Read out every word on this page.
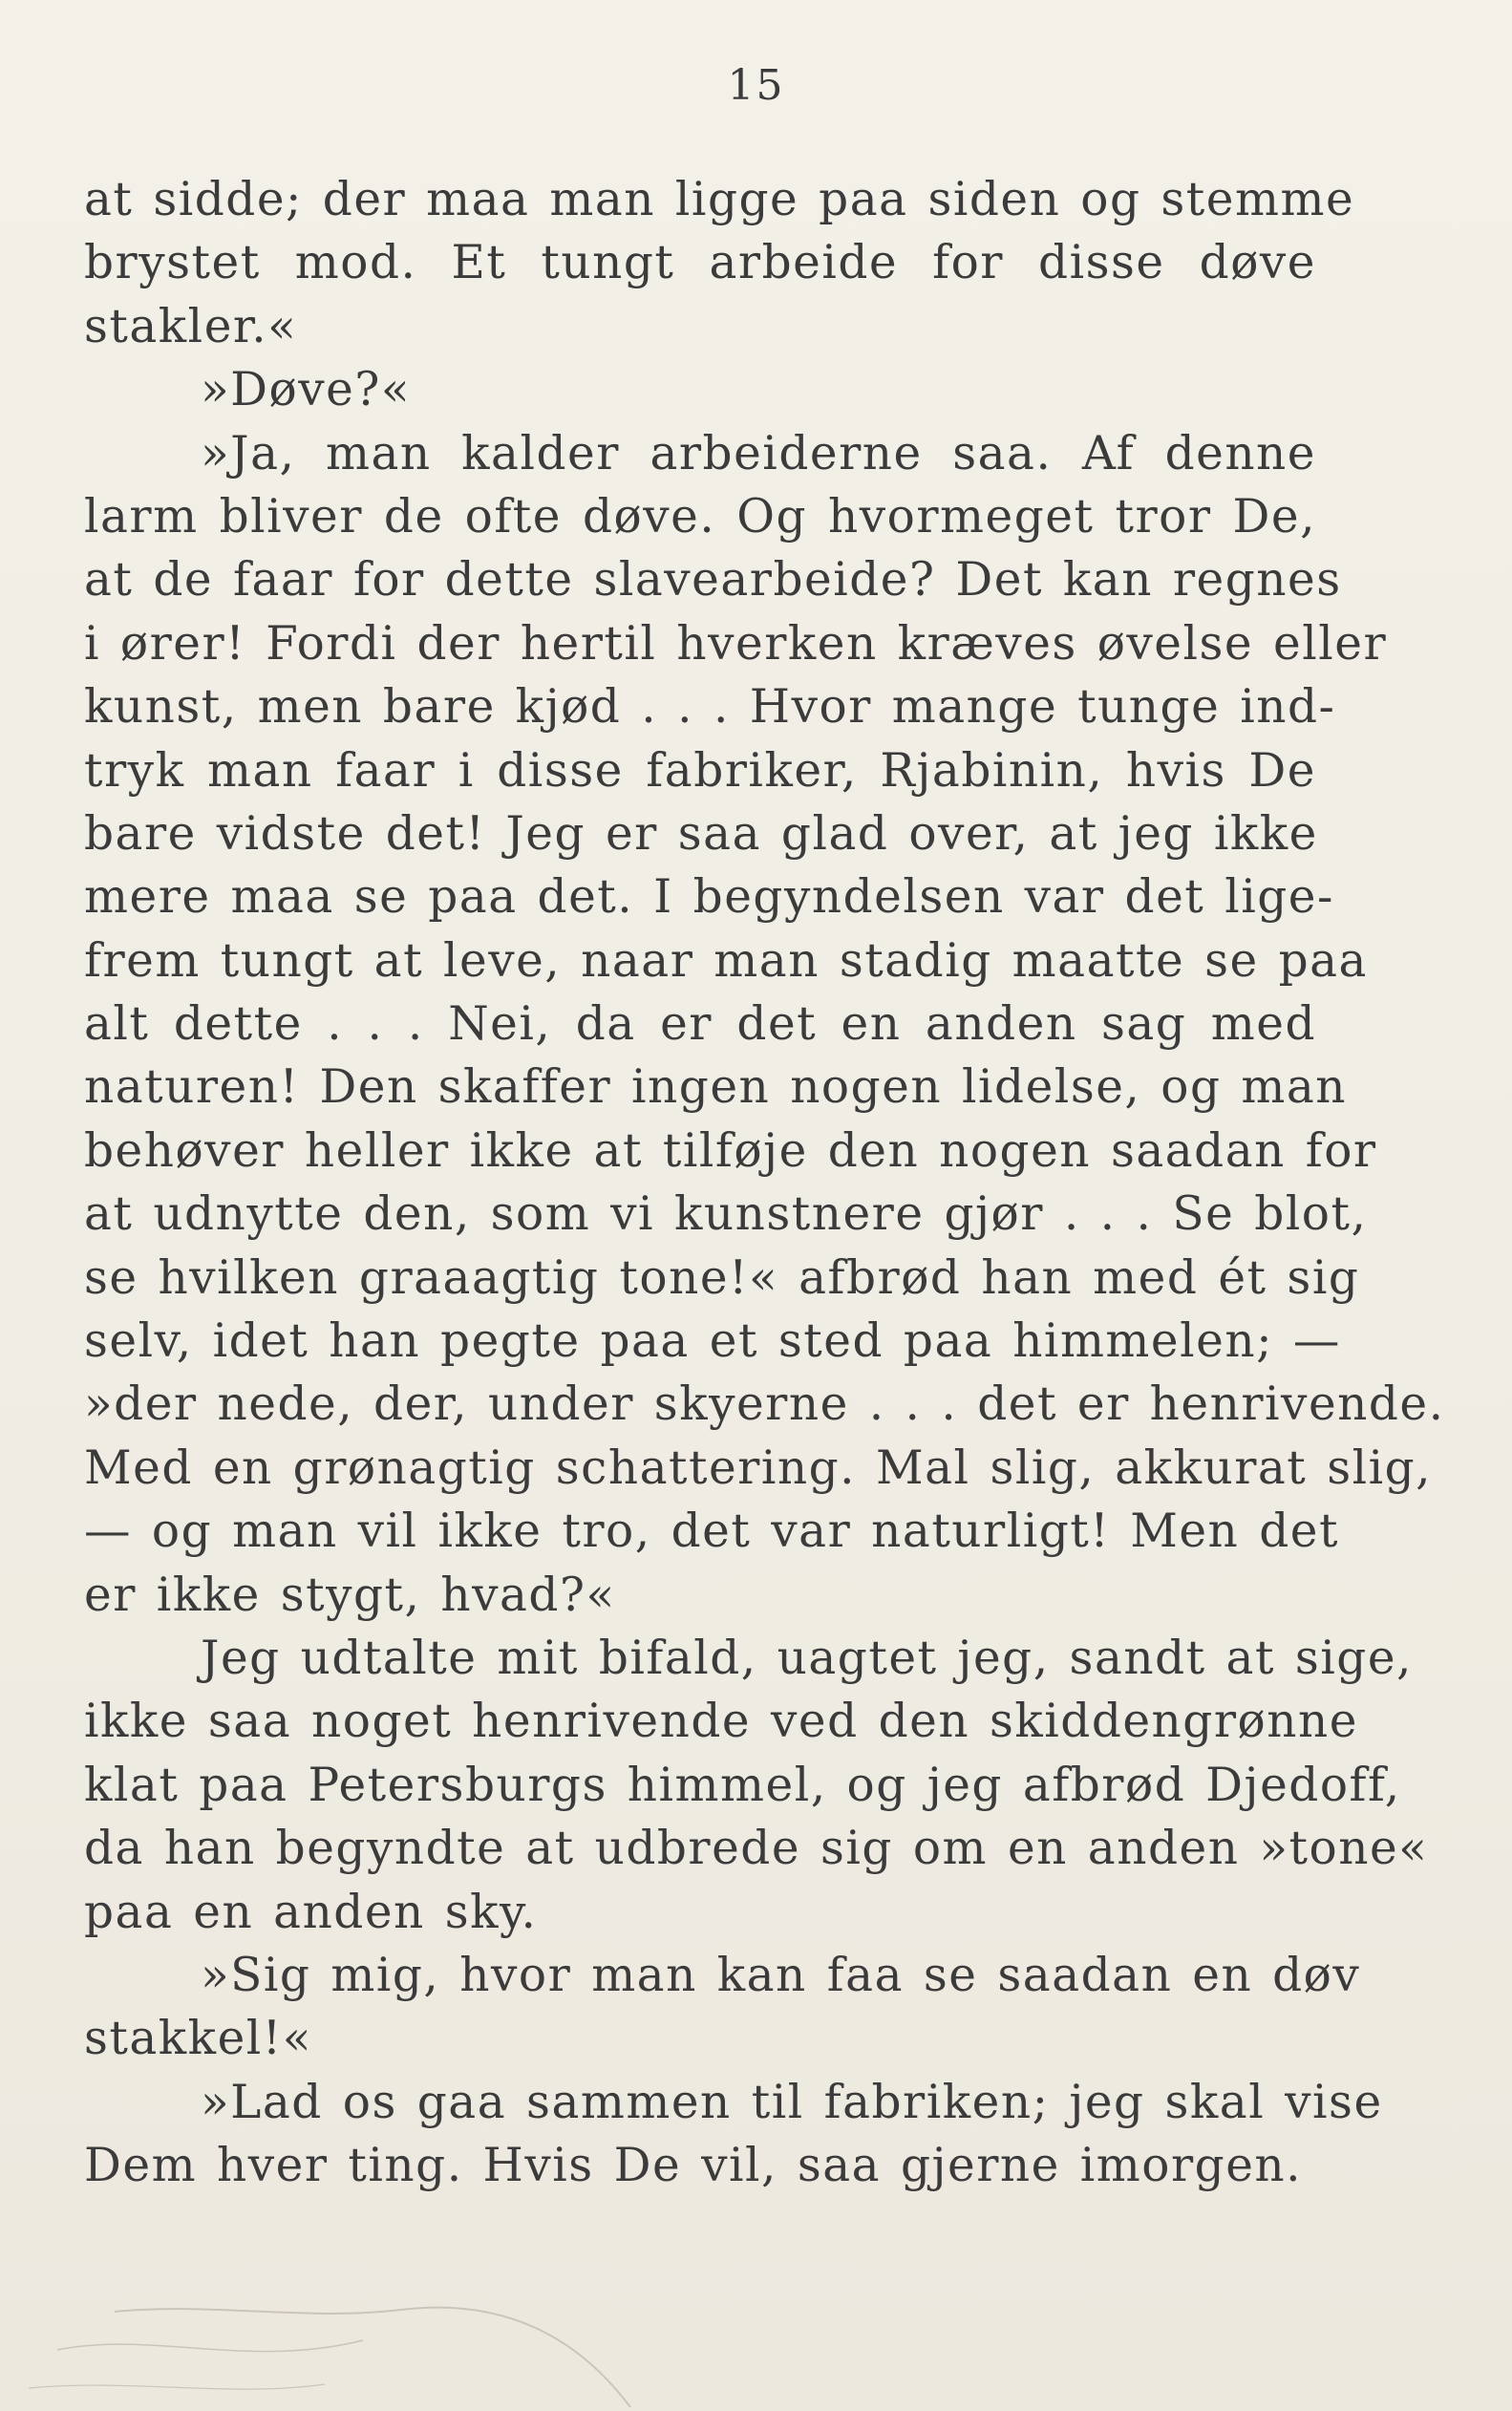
15
at sidde; der maa man ligge paa siden og stemme
brystet mod. Et tungt arbeide for disse døve
stakler.«
»Døve?«
»Ja, man kalder arbeiderne saa. Af denne
larm bliver de ofte døve. Og hvormeget tror De,
at de faar for dette slavearbeide? Det kan regnes
i ører! Fordi der hertil hverken kræves øvelse eller
kunst, men bare kjød . . . Hvor mange tunge ind-
tryk man faar i disse fabriker, Rjabinin, hvis De
bare vidste det! Jeg er saa glad over, at jeg ikke
mere maa se paa det. I begyndelsen var det lige-
frem tungt at leve, naar man stadig maatte se paa
alt dette . . . Nei, da er det en anden sag med
naturen! Den skaffer ingen nogen lidelse, og man
behøver heller ikke at tilføje den nogen saadan for
at udnytte den, som vi kunstnere gjør . . . Se blot,
se hvilken graaagtig tone!« afbrød han med ét sig
selv, idet han pegte paa et sted paa himmelen; —
»der nede, der, under skyerne . . . det er henrivende.
Med en grønagtig schattering. Mal slig, akkurat slig,
— og man vil ikke tro, det var naturligt! Men det
er ikke stygt, hvad?«
Jeg udtalte mit bifald, uagtet jeg, sandt at sige,
ikke saa noget henrivende ved den skiddengrønne
klat paa Petersburgs himmel, og jeg afbrød Djedoff,
da han begyndte at udbrede sig om en anden »tone«
paa en anden sky.
»Sig mig, hvor man kan faa se saadan en døv
stakkel!«
»Lad os gaa sammen til fabriken; jeg skal vise
Dem hver ting. Hvis De vil, saa gjerne imorgen.
